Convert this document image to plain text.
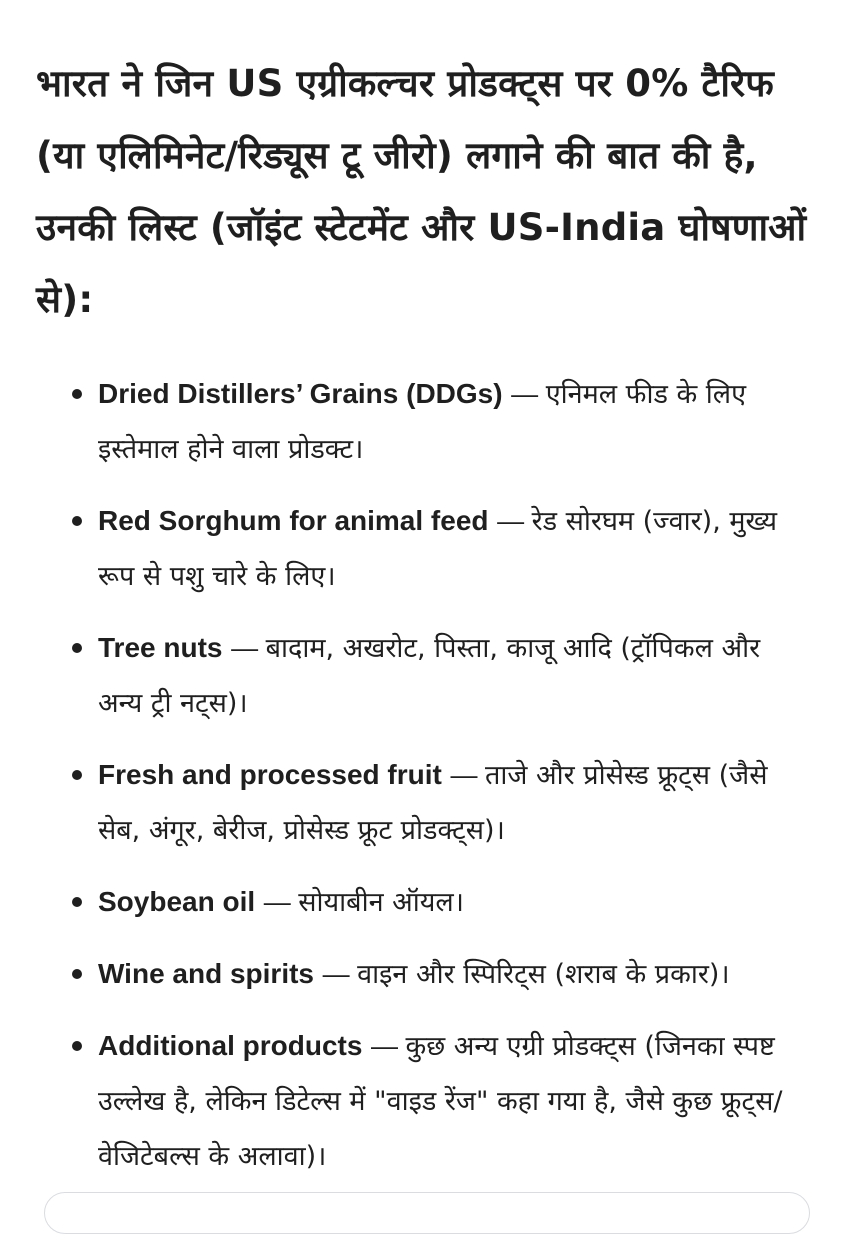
भारत ने जिन US एग्रीकल्चर प्रोडक्ट्स पर 0% टैरिफ (या एलिमिनेट/रिड्यूस टू जीरो) लगाने की बात की है, उनकी लिस्ट (जॉइंट स्टेटमेंट और US-India घोषणाओं से):
Dried Distillers’ Grains (DDGs) — एनिमल फीड के लिए इस्तेमाल होने वाला प्रोडक्ट।
Red Sorghum for animal feed — रेड सोरघम (ज्वार), मुख्य रूप से पशु चारे के लिए।
Tree nuts — बादाम, अखरोट, पिस्ता, काजू आदि (ट्रॉपिकल और अन्य ट्री नट्स)।
Fresh and processed fruit — ताजे और प्रोसेस्ड फ्रूट्स (जैसे सेब, अंगूर, बेरीज, प्रोसेस्ड फ्रूट प्रोडक्ट्स)।
Soybean oil — सोयाबीन ऑयल।
Wine and spirits — वाइन और स्पिरिट्स (शराब के प्रकार)।
Additional products — कुछ अन्य एग्री प्रोडक्ट्स (जिनका स्पष्ट उल्लेख है, लेकिन डिटेल्स में "वाइड रेंज" कहा गया है, जैसे कुछ फ्रूट्स/वेजिटेबल्स के अलावा)।
